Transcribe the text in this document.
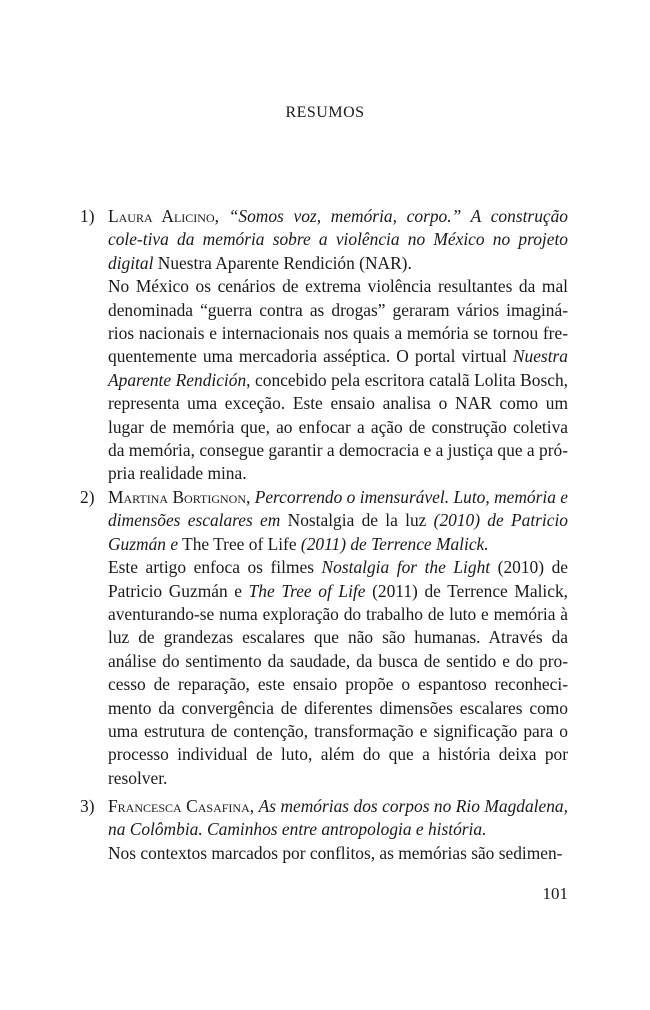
RESUMOS
1) Laura Alicino, “Somos voz, memória, corpo.” A construção cole-tiva da memória sobre a violência no México no projeto digital Nuestra Aparente Rendición (NAR).
No México os cenários de extrema violência resultantes da mal denominada “guerra contra as drogas” geraram vários imaginá-rios nacionais e internacionais nos quais a memória se tornou fre-quentemente uma mercadoria asséptica. O portal virtual Nuestra Aparente Rendición, concebido pela escritora catalã Lolita Bosch, representa uma exceção. Este ensaio analisa o NAR como um lugar de memória que, ao enfocar a ação de construção coletiva da memória, consegue garantir a democracia e a justiça que a pró-pria realidade mina.
2) Martina Bortignon, Percorrendo o imensurável. Luto, memória e dimensões escalares em Nostalgia de la luz (2010) de Patricio Guzmán e The Tree of Life (2011) de Terrence Malick.
Este artigo enfoca os filmes Nostalgia for the Light (2010) de Patricio Guzmán e The Tree of Life (2011) de Terrence Malick, aventurando-se numa exploração do trabalho de luto e memória à luz de grandezas escalares que não são humanas. Através da análise do sentimento da saudade, da busca de sentido e do pro-cesso de reparação, este ensaio propõe o espantoso reconheci-mento da convergência de diferentes dimensões escalares como uma estrutura de contenção, transformação e significação para o processo individual de luto, além do que a história deixa por resolver.
3) Francesca Casafina, As memórias dos corpos no Rio Magdalena, na Colômbia. Caminhos entre antropologia e história.
Nos contextos marcados por conflitos, as memórias são sedimen-
101
